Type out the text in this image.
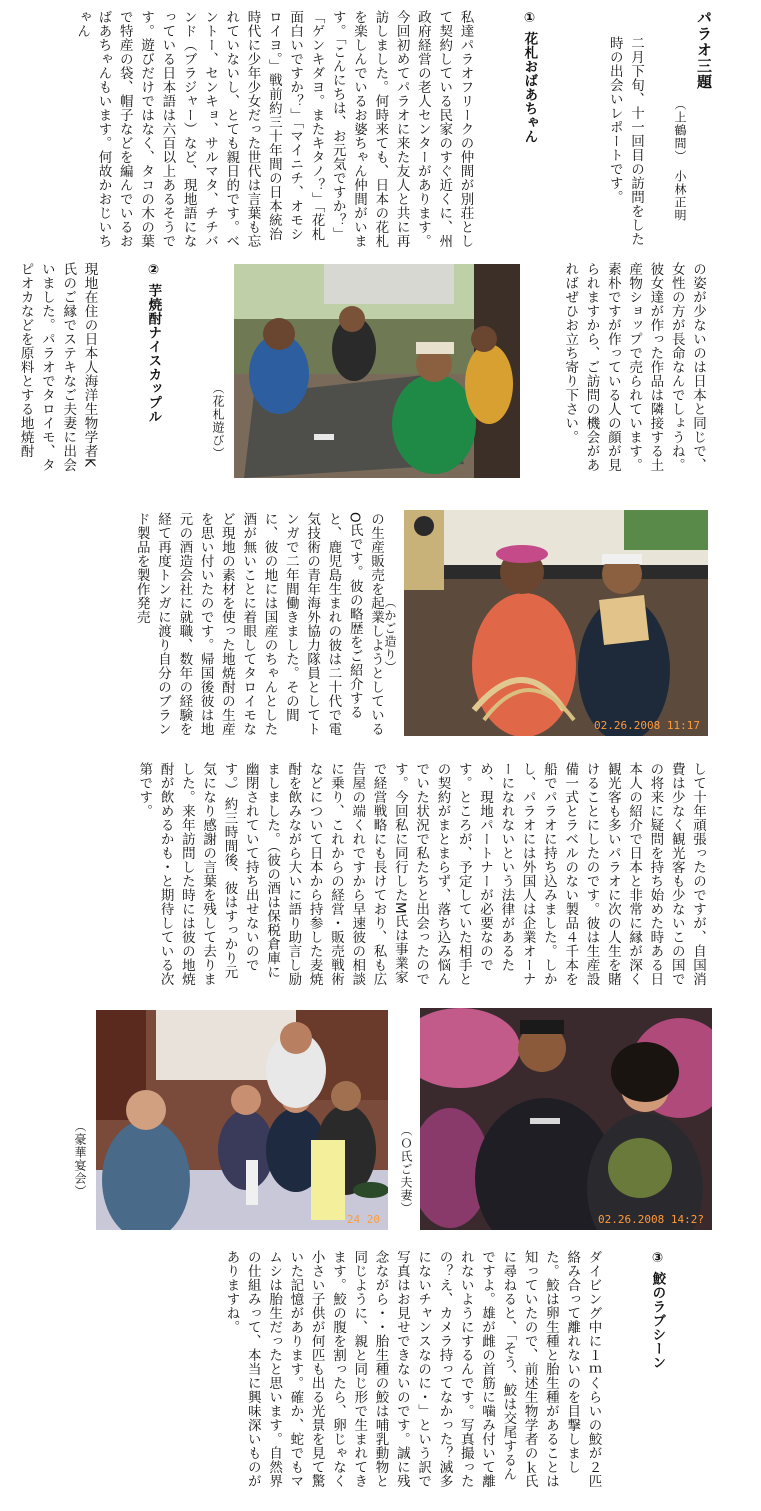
パラオ三題
（上鶴間）　小林正明
二月下旬、十一回目の訪問をした時の出会いレポートです。

① 花札おばあちゃん

私達パラオフリークの仲間が別荘として契約している民家のすぐ近くに、州政府経営の老人センターがあります。今回初めてパラオに来た友人と共に再訪しました。何時来ても、日本の花札を楽しんでいるお婆ちゃん仲間がいます。「こんにちは、お元気ですか？」「ゲンキダヨ。またキタノ？」「花札面白いですか？」「マイニチ、オモシロイヨ。」戦前約三十年間の日本統治時代に少年少女だった世代は言葉も忘れていないし、とても親日的です。ベントー、センキョ、サルマタ、チチバンド（ブラジャー）など、現地語になっている日本語は六百以上あるそうです。遊びだけではなく、タコの木の葉で特産の袋、帽子などを編んでいるおばあちゃんもいます。何故かおじいちゃん

の姿が少ないのは日本と同じで、女性の方が長命なんでしょうね。彼女達が作った作品は隣接する土産物ショップで売られています。素朴ですが作っている人の顔が見られますから、ご訪問の機会があればぜひお立ち寄り下さい。
（花札遊び）

② 芋焼酎ナイスカップル

現地在住の日本人海洋生物学者K氏のご縁でステキなご夫妻に出会いました。パラオでタロイモ、タピオカなどを原料とする地焼酎

の生産販売を起業しようとしているO氏です。彼の略歴をご紹介すると、鹿児島生まれの彼は二十代で電気技術の青年海外協力隊員としてトンガで二年間働きました。その間に、彼の地には国産のちゃんとした酒が無いことに着眼してタロイモなど現地の素材を使った地焼酎の生産を思い付いたのです。帰国後彼は地元の酒造会社に就職、数年の経験を経て再度トンガに渡り自分のブランド製品を製作発売
02.26.2008 11:17
（かご造り）
して十年頑張ったのですが、自国消費は少なく観光客も少ないこの国での将来に疑問を持ち始めた時ある日本人の紹介で日本と非常に縁が深く観光客も多いパラオに次の人生を賭けることにしたのです。彼は生産設備一式とラベルのない製品４千本を船でパラオに持ち込みました。しかし、パラオには外国人は企業オーナーになれないという法律があるため、現地パートナーが必要なのです。ところが、予定していた相手との契約がまとまらず、落ち込み悩んでいた状況で私たちと出会ったのです。今回私に同行したM氏は事業家で経営戦略にも長けており、私も広告屋の端くれですから早速彼の相談に乗り、これからの経営・販売戦術などについて日本から持参した麦焼酎を飲みながら大いに語り助言し励ましました。（彼の酒は保税倉庫に幽閉されていて持ち出せないのです。）約三時間後、彼はすっかり元気になり感謝の言葉を残して去りました。来年訪問した時には彼の地焼酎が飲めるかも・と期待している次第です。
24 20
（豪華宴会）
02.26.2008 14:2?
（Ｏ氏ご夫妻）

③ 鮫のラブシーン

ダイビング中に１ｍくらいの鮫が２匹絡み合って離れないのを目撃しました。鮫は卵生種と胎生種があることは知っていたので、前述生物学者のｋ氏に尋ねると、「そう、鮫は交尾するんですよ。雄が雌の首筋に噛み付いて離れないようにするんです。写真撮ったの？え、カメラ持ってなかった？滅多にないチャンスなのに・」という訳で写真はお見せできないのです。誠に残念ながら・・胎生種の鮫は哺乳動物と同じように、親と同じ形で生まれてきます。鮫の腹を割ったら、卵じゃなく小さい子供が何匹も出る光景を見て驚いた記憶があります。確か、蛇でもマムシは胎生だったと思います。自然界の仕組みって、本当に興味深いものがありますね。
